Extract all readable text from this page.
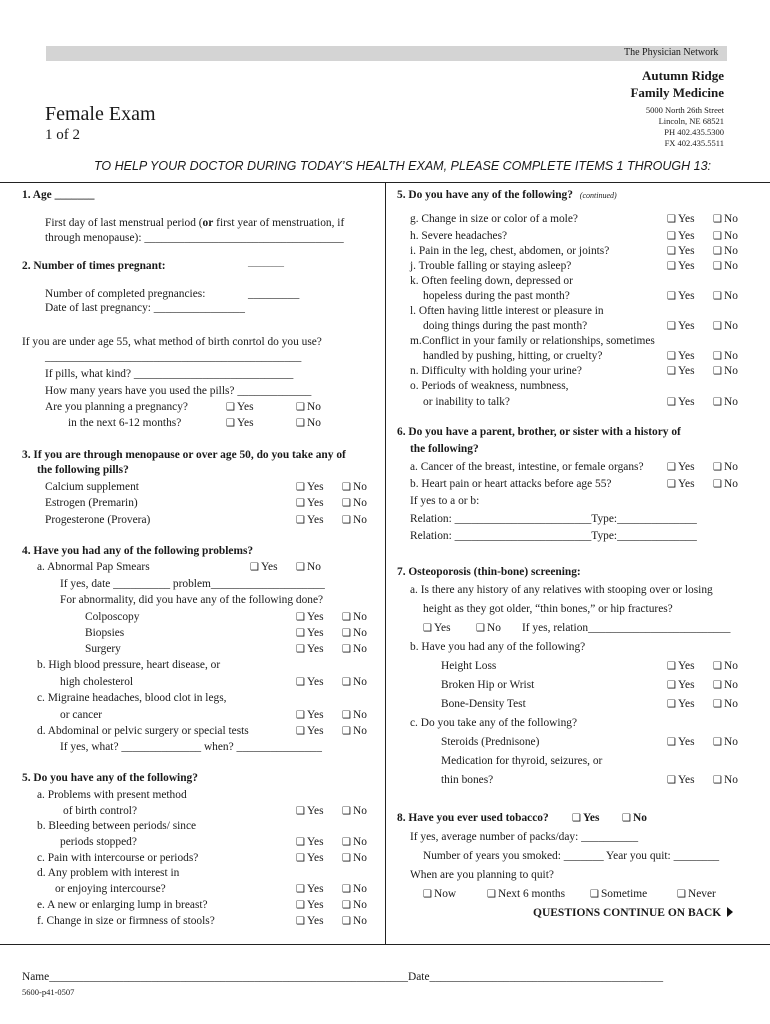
The Physician Network
Autumn Ridge
Family Medicine
5000 North 26th Street
Lincoln, NE 68521
PH 402.435.5300
FX 402.435.5511
Female Exam
1 of 2
TO HELP YOUR DOCTOR DURING TODAY’S HEALTH EXAM, PLEASE COMPLETE ITEMS 1 THROUGH 13:
1. Age _______
First day of last menstrual period (or first year of menstruation, if
through menopause): ___________________________________
2. Number of times pregnant:	_________
Number of completed pregnancies:	_________
Date of last pregnancy: ________________
If you are under age 55, what method of birth conrtol do you use?
_____________________________________________
If pills, what kind? ____________________________
How many years have you used the pills? _____________
Are you planning a pregnancy?	❑ Yes	❑ No
in the next 6-12 months?	❑ Yes	❑ No
3. If you are through menopause or over age 50, do you take any of
the following pills?
Calcium supplement	❑ Yes	❑ No
Estrogen (Premarin)	❑ Yes	❑ No
Progesterone (Provera)	❑ Yes	❑ No
4. Have you had any of the following problems?
a. Abnormal Pap Smears	❑ Yes	❑ No
If yes, date __________ problem____________________
For abnormality, did you have any of the following done?
Colposcopy	❑ Yes	❑ No
Biopsies	❑ Yes	❑ No
Surgery	❑ Yes	❑ No
b. High blood pressure, heart disease, or
high cholesterol	❑ Yes	❑ No
c. Migraine headaches, blood clot in legs,
or cancer	❑ Yes	❑ No
d. Abdominal or pelvic surgery or special tests	❑ Yes	❑ No
If yes, what? ______________ when? _______________
5. Do you have any of the following?
a. Problems with present method
of birth control?	❑ Yes	❑ No
b. Bleeding between periods/ since
periods stopped?	❑ Yes	❑ No
c. Pain with intercourse or periods?	❑ Yes	❑ No
d. Any problem with interest in
or enjoying intercourse?	❑ Yes	❑ No
e. A new or enlarging lump in breast?	❑ Yes	❑ No
f. Change in size or firmness of stools?	❑ Yes	❑ No
5. Do you have any of the following? (continued)
g. Change in size or color of a mole?	❑ Yes	❑ No
h. Severe headaches?	❑ Yes	❑ No
i. Pain in the leg, chest, abdomen, or joints?	❑ Yes	❑ No
j. Trouble falling or staying asleep?	❑ Yes	❑ No
k. Often feeling down, depressed or
hopeless during the past month?	❑ Yes	❑ No
l. Often having little interest or pleasure in
doing things during the past month?	❑ Yes	❑ No
m.Conflict in your family or relationships, sometimes
handled by pushing, hitting, or cruelty?	❑ Yes	❑ No
n. Difficulty with holding your urine?	❑ Yes	❑ No
o. Periods of weakness, numbness,
or inability to talk?	❑ Yes	❑ No
6. Do you have a parent, brother, or sister with a history of
the following?
a. Cancer of the breast, intestine, or female organs?	❑ Yes	❑ No
b. Heart pain or heart attacks before age 55?	❑ Yes	❑ No
If yes to a or b:
Relation: ________________________Type:______________
Relation: ________________________Type:______________
7. Osteoporosis (thin-bone) screening:
a. Is there any history of any relatives with stooping over or losing
height as they got older, “thin bones,” or hip fractures?
❑ Yes	❑ No If yes, relation_________________________
b. Have you had any of the following?
Height Loss	❑ Yes	❑ No
Broken Hip or Wrist	❑ Yes	❑ No
Bone-Density Test	❑ Yes	❑ No
c. Do you take any of the following?
Steroids (Prednisone)	❑ Yes	❑ No
Medication for thyroid, seizures, or
thin bones?	❑ Yes	❑ No
8. Have you ever used tobacco?	❑ Yes	❑ No
If yes, average number of packs/day: __________
Number of years you smoked: _______ Year you quit: ________
When are you planning to quit?
❑ Now	❑ Next 6 months	❑ Sometime	❑ Never
QUESTIONS CONTINUE ON BACK
Name_______________________________________________________________Date_________________________________________
5600-p41-0507
